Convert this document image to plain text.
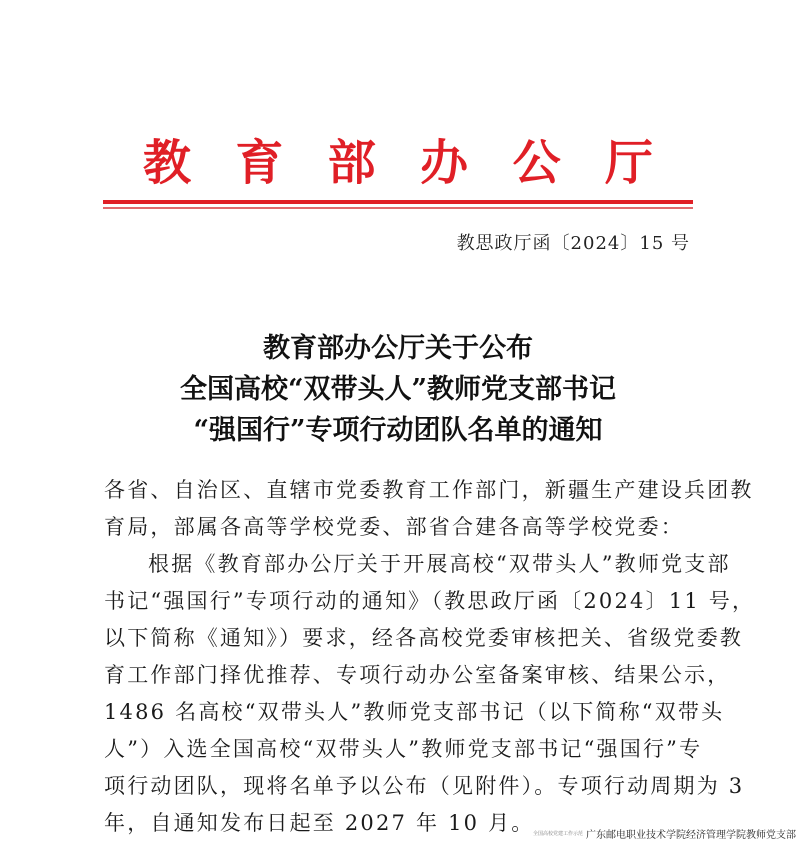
教 育 部 办 公 厅
教思政厅函〔2024〕15 号
教育部办公厅关于公布
全国高校“双带头人”教师党支部书记
“强国行”专项行动团队名单的通知
各省、自治区、直辖市党委教育工作部门，新疆生产建设兵团教
育局，部属各高等学校党委、部省合建各高等学校党委：
根据《教育部办公厅关于开展高校“双带头人”教师党支部
书记“强国行”专项行动的通知》（教思政厅函〔2024〕11 号，
以下简称《通知》）要求，经各高校党委审核把关、省级党委教
育工作部门择优推荐、专项行动办公室备案审核、结果公示，
1486 名高校“双带头人”教师党支部书记（以下简称“双带头
人”）入选全国高校“双带头人”教师党支部书记“强国行”专
项行动团队，现将名单予以公布（见附件）。专项行动周期为 3
年，自通知发布日起至 2027 年 10 月。
全国高校党建工作示范 广东邮电职业技术学院经济管理学院教师党支部
